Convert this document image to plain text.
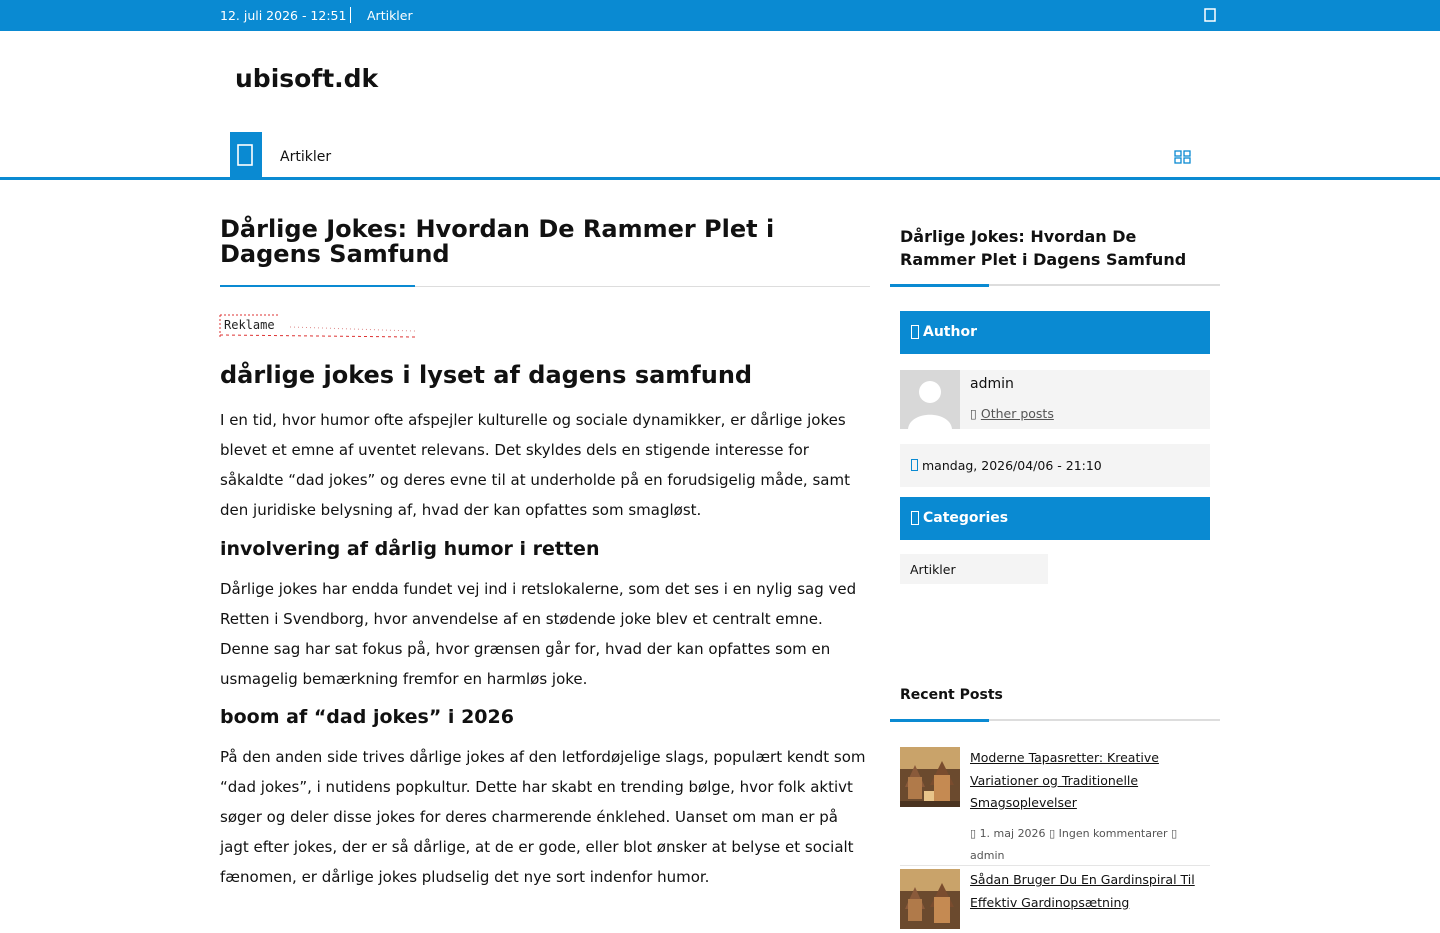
12. juli 2026 - 12:51 Artikler
ubisoft.dk
Artikler
Dårlige Jokes: Hvordan De Rammer Plet i Dagens Samfund
Reklame
dårlige jokes i lyset af dagens samfund

I en tid, hvor humor ofte afspejler kulturelle og sociale dynamikker, er dårlige jokes blevet et emne af uventet relevans. Det skyldes dels en stigende interesse for såkaldte “dad jokes” og deres evne til at underholde på en forudsigelig måde, samt den juridiske belysning af, hvad der kan opfattes som smagløst.

involvering af dårlig humor i retten

Dårlige jokes har endda fundet vej ind i retslokalerne, som det ses i en nylig sag ved Retten i Svendborg, hvor anvendelse af en stødende joke blev et centralt emne. Denne sag har sat fokus på, hvor grænsen går for, hvad der kan opfattes som en usmagelig bemærkning fremfor en harmløs joke.

boom af “dad jokes” i 2026

På den anden side trives dårlige jokes af den letfordøjelige slags, populært kendt som “dad jokes”, i nutidens popkultur. Dette har skabt en trending bølge, hvor folk aktivt søger og deler disse jokes for deres charmerende énklehed. Uanset om man er på jagt efter jokes, der er så dårlige, at de er gode, eller blot ønsker at belyse et socialt fænomen, er dårlige jokes pludselig det nye sort indenfor humor.

Dårlige Jokes: Hvordan De Rammer Plet i Dagens Samfund
Author
admin
▯ Other posts
mandag, 2026/04/06 - 21:10
Categories
Artikler
Recent Posts
Moderne Tapasretter: Kreative Variationer og Traditionelle Smagsoplevelser
▯ 1. maj 2026 ▯ Ingen kommentarer ▯ admin
Sådan Bruger Du En Gardinspiral Til Effektiv Gardinopsætning
